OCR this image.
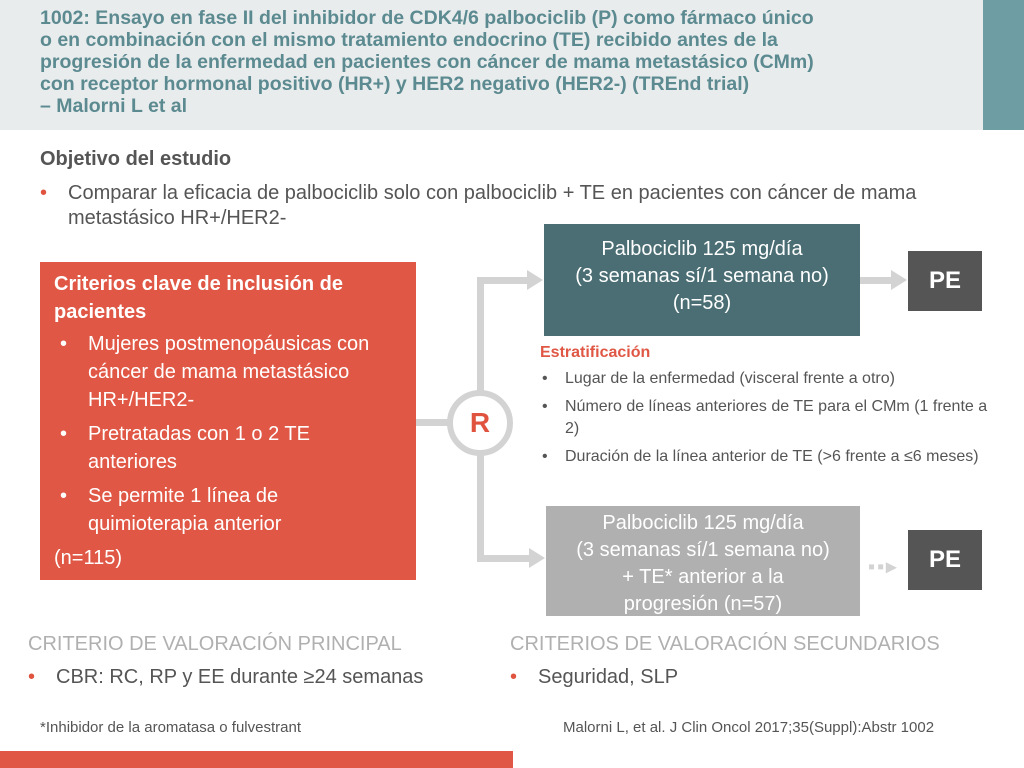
1002: Ensayo en fase II del inhibidor de CDK4/6 palbociclib (P) como fármaco único
o en combinación con el mismo tratamiento endocrino (TE) recibido antes de la
progresión de la enfermedad en pacientes con cáncer de mama metastásico (CMm)
con receptor hormonal positivo (HR+) y HER2 negativo (HER2-) (TREnd trial)
– Malorni L et al
Objetivo del estudio
• Comparar la eficacia de palbociclib solo con palbociclib + TE en pacientes con cáncer de mama metastásico HR+/HER2-
Criterios clave de inclusión de pacientes
• Mujeres postmenopáusicas con cáncer de mama metastásico HR+/HER2-
• Pretratadas con 1 o 2 TE anteriores
• Se permite 1 línea de quimioterapia anterior
(n=115)
R
Palbociclib 125 mg/día
(3 semanas sí/1 semana no)
(n=58)
PE
Estratificación
• Lugar de la enfermedad (visceral frente a otro)
• Número de líneas anteriores de TE para el CMm (1 frente a 2)
• Duración de la línea anterior de TE (>6 frente a ≤6 meses)
Palbociclib 125 mg/día
(3 semanas sí/1 semana no)
+ TE* anterior a la
progresión (n=57)
▪▪▸	PE
CRITERIO DE VALORACIÓN PRINCIPAL
• CBR: RC, RP y EE durante ≥24 semanas
CRITERIOS DE VALORACIÓN SECUNDARIOS
• Seguridad, SLP
*Inhibidor de la aromatasa o fulvestrant	Malorni L, et al. J Clin Oncol 2017;35(Suppl):Abstr 1002
